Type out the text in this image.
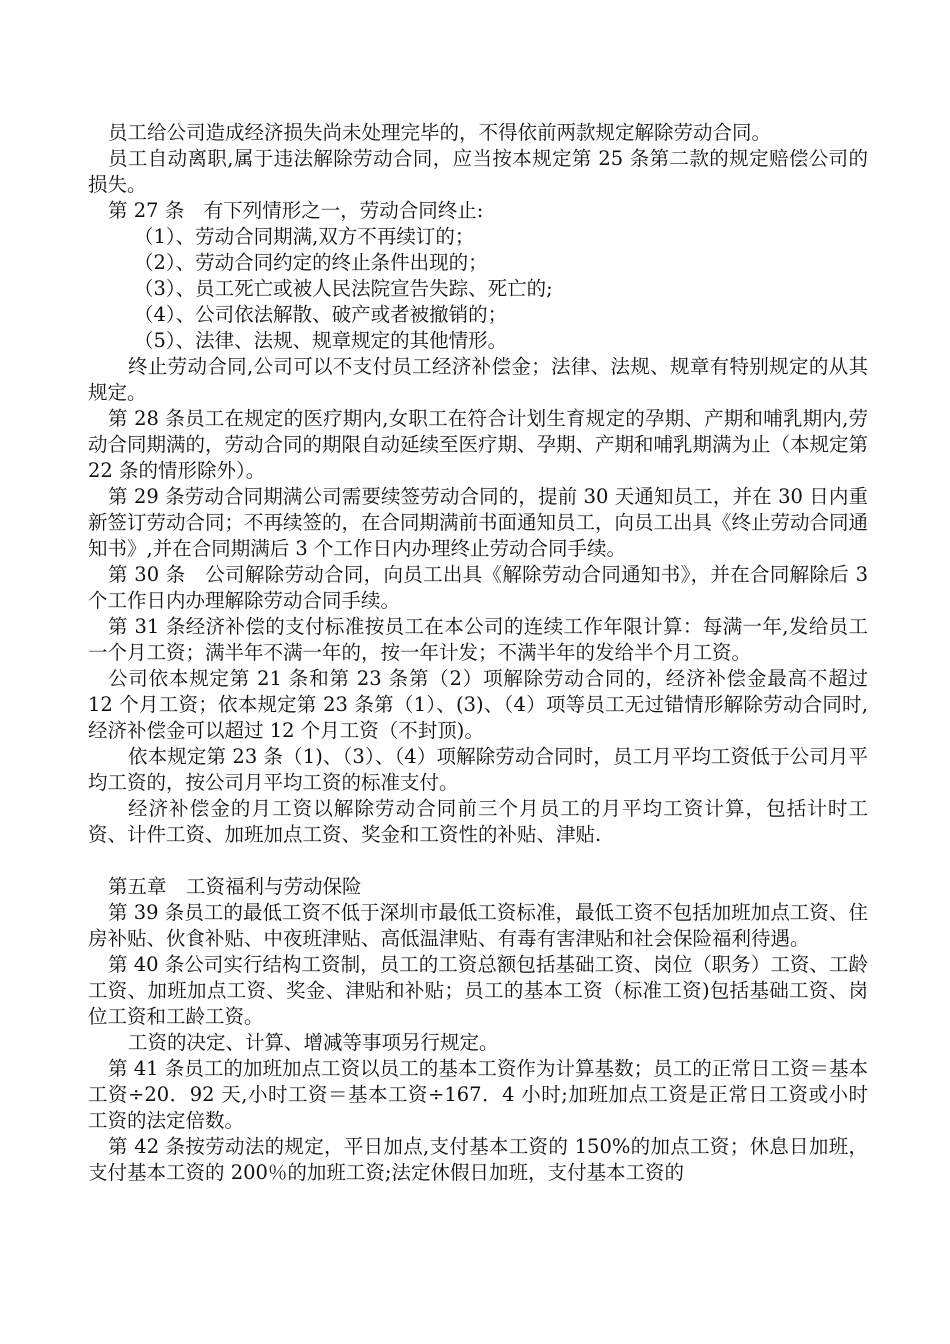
员工给公司造成经济损失尚未处理完毕的，不得依前两款规定解除劳动合同。

员工自动离职,属于违法解除劳动合同，应当按本规定第 25 条第二款的规定赔偿公司的损失。

第 27 条　有下列情形之一，劳动合同终止:

（1）、劳动合同期满,双方不再续订的；

（2）、劳动合同约定的终止条件出现的；

（3）、员工死亡或被人民法院宣告失踪、死亡的;

（4）、公司依法解散、破产或者被撤销的；

（5）、法律、法规、规章规定的其他情形。

终止劳动合同,公司可以不支付员工经济补偿金；法律、法规、规章有特别规定的从其规定。

第 28 条员工在规定的医疗期内,女职工在符合计划生育规定的孕期、产期和哺乳期内,劳动合同期满的，劳动合同的期限自动延续至医疗期、孕期、产期和哺乳期满为止（本规定第 22 条的情形除外）。

第 29 条劳动合同期满公司需要续签劳动合同的，提前 30 天通知员工，并在 30 日内重新签订劳动合同；不再续签的，在合同期满前书面通知员工，向员工出具《终止劳动合同通知书》,并在合同期满后 3 个工作日内办理终止劳动合同手续。

第 30 条　公司解除劳动合同，向员工出具《解除劳动合同通知书》，并在合同解除后 3 个工作日内办理解除劳动合同手续。

第 31 条经济补偿的支付标准按员工在本公司的连续工作年限计算：每满一年,发给员工一个月工资；满半年不满一年的，按一年计发；不满半年的发给半个月工资。

公司依本规定第 21 条和第 23 条第（2）项解除劳动合同的，经济补偿金最高不超过 12 个月工资；依本规定第 23 条第（1）、(3)、（4）项等员工无过错情形解除劳动合同时,经济补偿金可以超过 12 个月工资（不封顶)。

依本规定第 23 条（1)、（3）、（4）项解除劳动合同时，员工月平均工资低于公司月平均工资的，按公司月平均工资的标准支付。

经济补偿金的月工资以解除劳动合同前三个月员工的月平均工资计算，包括计时工资、计件工资、加班加点工资、奖金和工资性的补贴、津贴.

第五章　工资福利与劳动保险

第 39 条员工的最低工资不低于深圳市最低工资标准，最低工资不包括加班加点工资、住房补贴、伙食补贴、中夜班津贴、高低温津贴、有毒有害津贴和社会保险福利待遇。

第 40 条公司实行结构工资制，员工的工资总额包括基础工资、岗位（职务）工资、工龄工资、加班加点工资、奖金、津贴和补贴；员工的基本工资（标准工资)包括基础工资、岗位工资和工龄工资。

工资的决定、计算、增减等事项另行规定。

第 41 条员工的加班加点工资以员工的基本工资作为计算基数；员工的正常日工资＝基本工资÷20．92 天,小时工资＝基本工资÷167．4 小时;加班加点工资是正常日工资或小时工资的法定倍数。

第 42 条按劳动法的规定，平日加点,支付基本工资的 150%的加点工资；休息日加班，支付基本工资的 200％的加班工资;法定休假日加班，支付基本工资的
